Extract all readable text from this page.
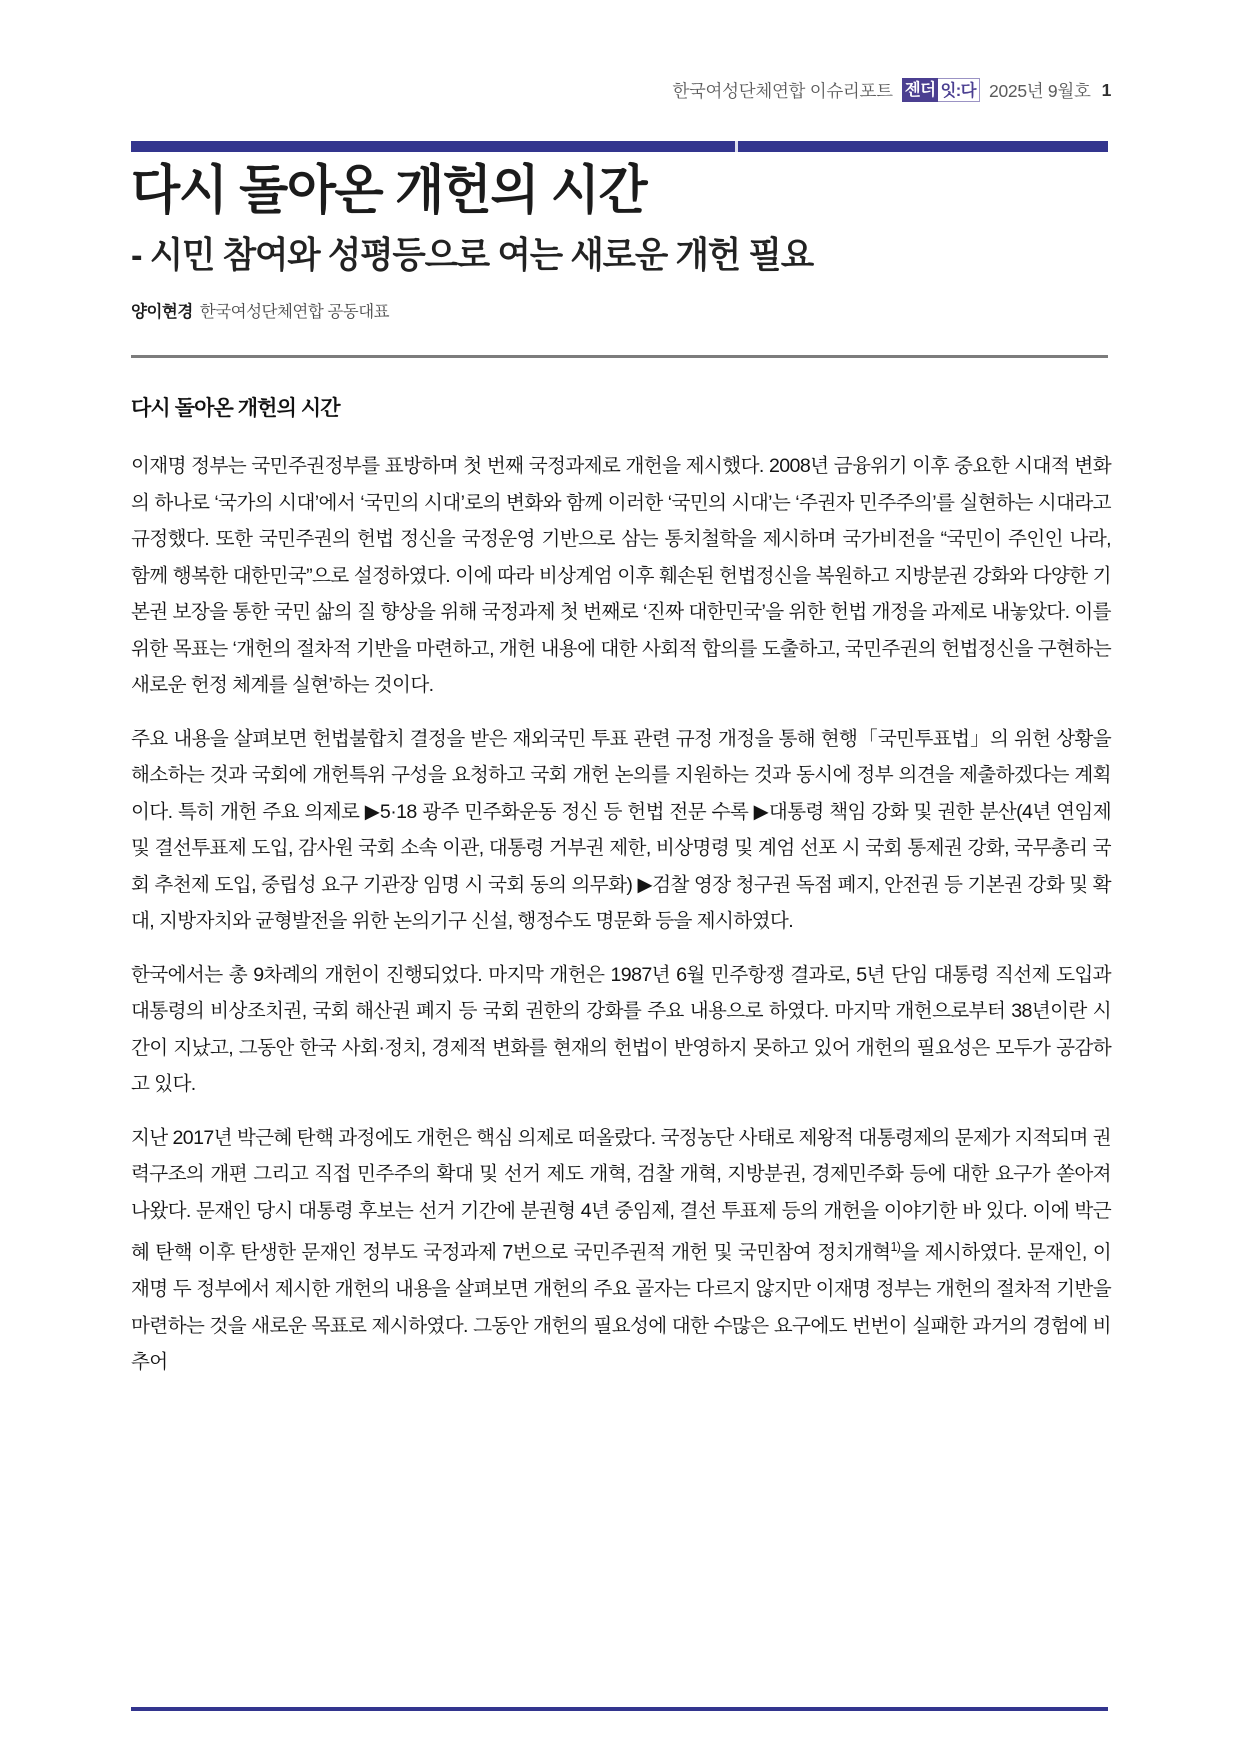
한국여성단체연합 이슈리포트 젠더 잇:다 2025년 9월호 1
다시 돌아온 개헌의 시간
- 시민 참여와 성평등으로 여는 새로운 개헌 필요
양이현경 한국여성단체연합 공동대표
다시 돌아온 개헌의 시간

이재명 정부는 국민주권정부를 표방하며 첫 번째 국정과제로 개헌을 제시했다. 2008년 금융위기 이후 중요한 시대적 변화의 하나로 ‘국가의 시대’에서 ‘국민의 시대’로의 변화와 함께 이러한 ‘국민의 시대’는 ‘주권자 민주주의’를 실현하는 시대라고 규정했다. 또한 국민주권의 헌법 정신을 국정운영 기반으로 삼는 통치철학을 제시하며 국가비전을 “국민이 주인인 나라, 함께 행복한 대한민국”으로 설정하였다. 이에 따라 비상계엄 이후 훼손된 헌법정신을 복원하고 지방분권 강화와 다양한 기본권 보장을 통한 국민 삶의 질 향상을 위해 국정과제 첫 번째로 ‘진짜 대한민국’을 위한 헌법 개정을 과제로 내놓았다. 이를 위한 목표는 ‘개헌의 절차적 기반을 마련하고, 개헌 내용에 대한 사회적 합의를 도출하고, 국민주권의 헌법정신을 구현하는 새로운 헌정 체계를 실현’하는 것이다.

주요 내용을 살펴보면 헌법불합치 결정을 받은 재외국민 투표 관련 규정 개정을 통해 현행「국민투표법」의 위헌 상황을 해소하는 것과 국회에 개헌특위 구성을 요청하고 국회 개헌 논의를 지원하는 것과 동시에 정부 의견을 제출하겠다는 계획이다. 특히 개헌 주요 의제로 ▶5·18 광주 민주화운동 정신 등 헌법 전문 수록 ▶대통령 책임 강화 및 권한 분산(4년 연임제 및 결선투표제 도입, 감사원 국회 소속 이관, 대통령 거부권 제한, 비상명령 및 계엄 선포 시 국회 통제권 강화, 국무총리 국회 추천제 도입, 중립성 요구 기관장 임명 시 국회 동의 의무화) ▶검찰 영장 청구권 독점 폐지, 안전권 등 기본권 강화 및 확대, 지방자치와 균형발전을 위한 논의기구 신설, 행정수도 명문화 등을 제시하였다.

한국에서는 총 9차례의 개헌이 진행되었다. 마지막 개헌은 1987년 6월 민주항쟁 결과로, 5년 단임 대통령 직선제 도입과 대통령의 비상조치권, 국회 해산권 폐지 등 국회 권한의 강화를 주요 내용으로 하였다. 마지막 개헌으로부터 38년이란 시간이 지났고, 그동안 한국 사회·정치, 경제적 변화를 현재의 헌법이 반영하지 못하고 있어 개헌의 필요성은 모두가 공감하고 있다.

지난 2017년 박근혜 탄핵 과정에도 개헌은 핵심 의제로 떠올랐다. 국정농단 사태로 제왕적 대통령제의 문제가 지적되며 권력구조의 개편 그리고 직접 민주주의 확대 및 선거 제도 개혁, 검찰 개혁, 지방분권, 경제민주화 등에 대한 요구가 쏟아져 나왔다. 문재인 당시 대통령 후보는 선거 기간에 분권형 4년 중임제, 결선 투표제 등의 개헌을 이야기한 바 있다. 이에 박근혜 탄핵 이후 탄생한 문재인 정부도 국정과제 7번으로 국민주권적 개헌 및 국민참여 정치개혁$^{1)}$을 제시하였다. 문재인, 이재명 두 정부에서 제시한 개헌의 내용을 살펴보면 개헌의 주요 골자는 다르지 않지만 이재명 정부는 개헌의 절차적 기반을 마련하는 것을 새로운 목표로 제시하였다. 그동안 개헌의 필요성에 대한 수많은 요구에도 번번이 실패한 과거의 경험에 비추어
